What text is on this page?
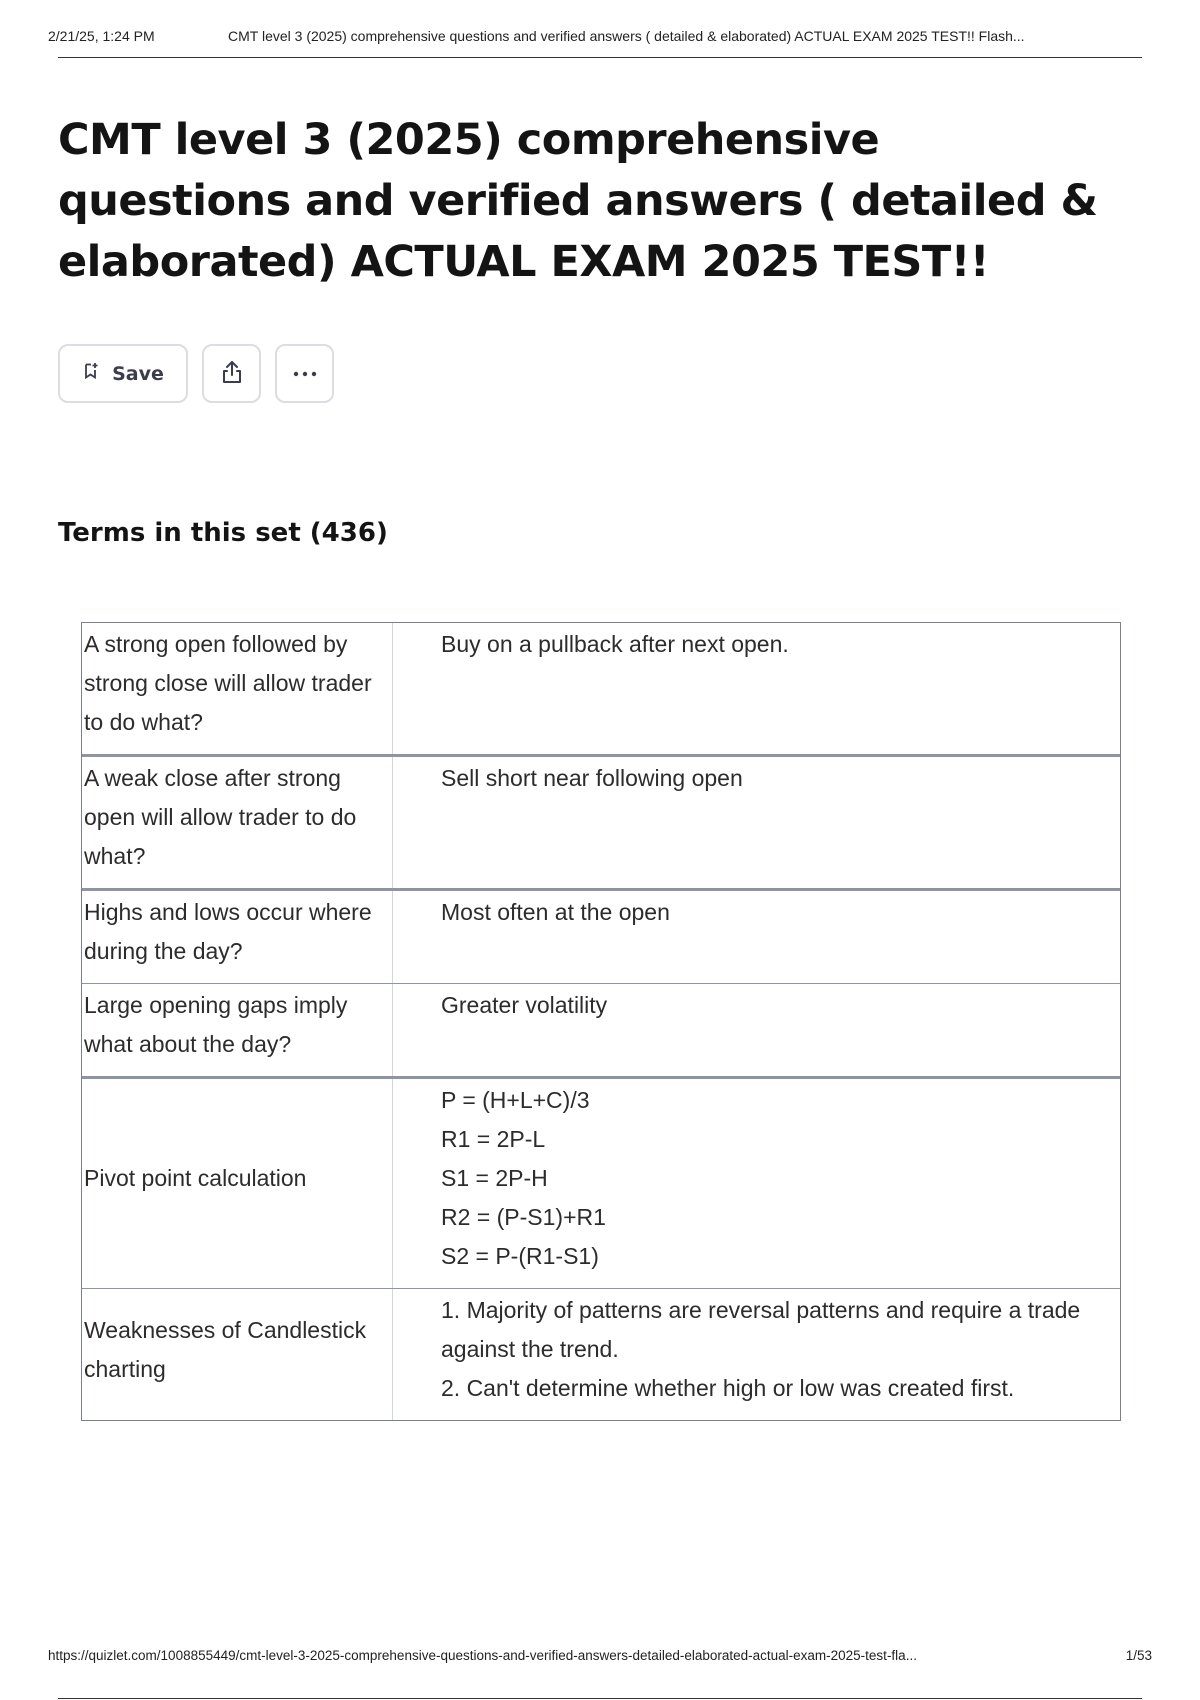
2/21/25, 1:24 PM	CMT level 3 (2025) comprehensive questions and verified answers ( detailed & elaborated) ACTUAL EXAM 2025 TEST!! Flash...
CMT level 3 (2025) comprehensive questions and verified answers ( detailed & elaborated) ACTUAL EXAM 2025 TEST!!
Save
Terms in this set (436)
A strong open followed by strong close will allow trader to do what?
Buy on a pullback after next open.
A weak close after strong open will allow trader to do what?
Sell short near following open
Highs and lows occur where during the day?
Most often at the open
Large opening gaps imply what about the day?
Greater volatility
Pivot point calculation
P = (H+L+C)/3
R1 = 2P-L
S1 = 2P-H
R2 = (P-S1)+R1
S2 = P-(R1-S1)
Weaknesses of Candlestick charting
1. Majority of patterns are reversal patterns and require a trade against the trend.
2. Can't determine whether high or low was created first.
https://quizlet.com/1008855449/cmt-level-3-2025-comprehensive-questions-and-verified-answers-detailed-elaborated-actual-exam-2025-test-fla...	1/53
